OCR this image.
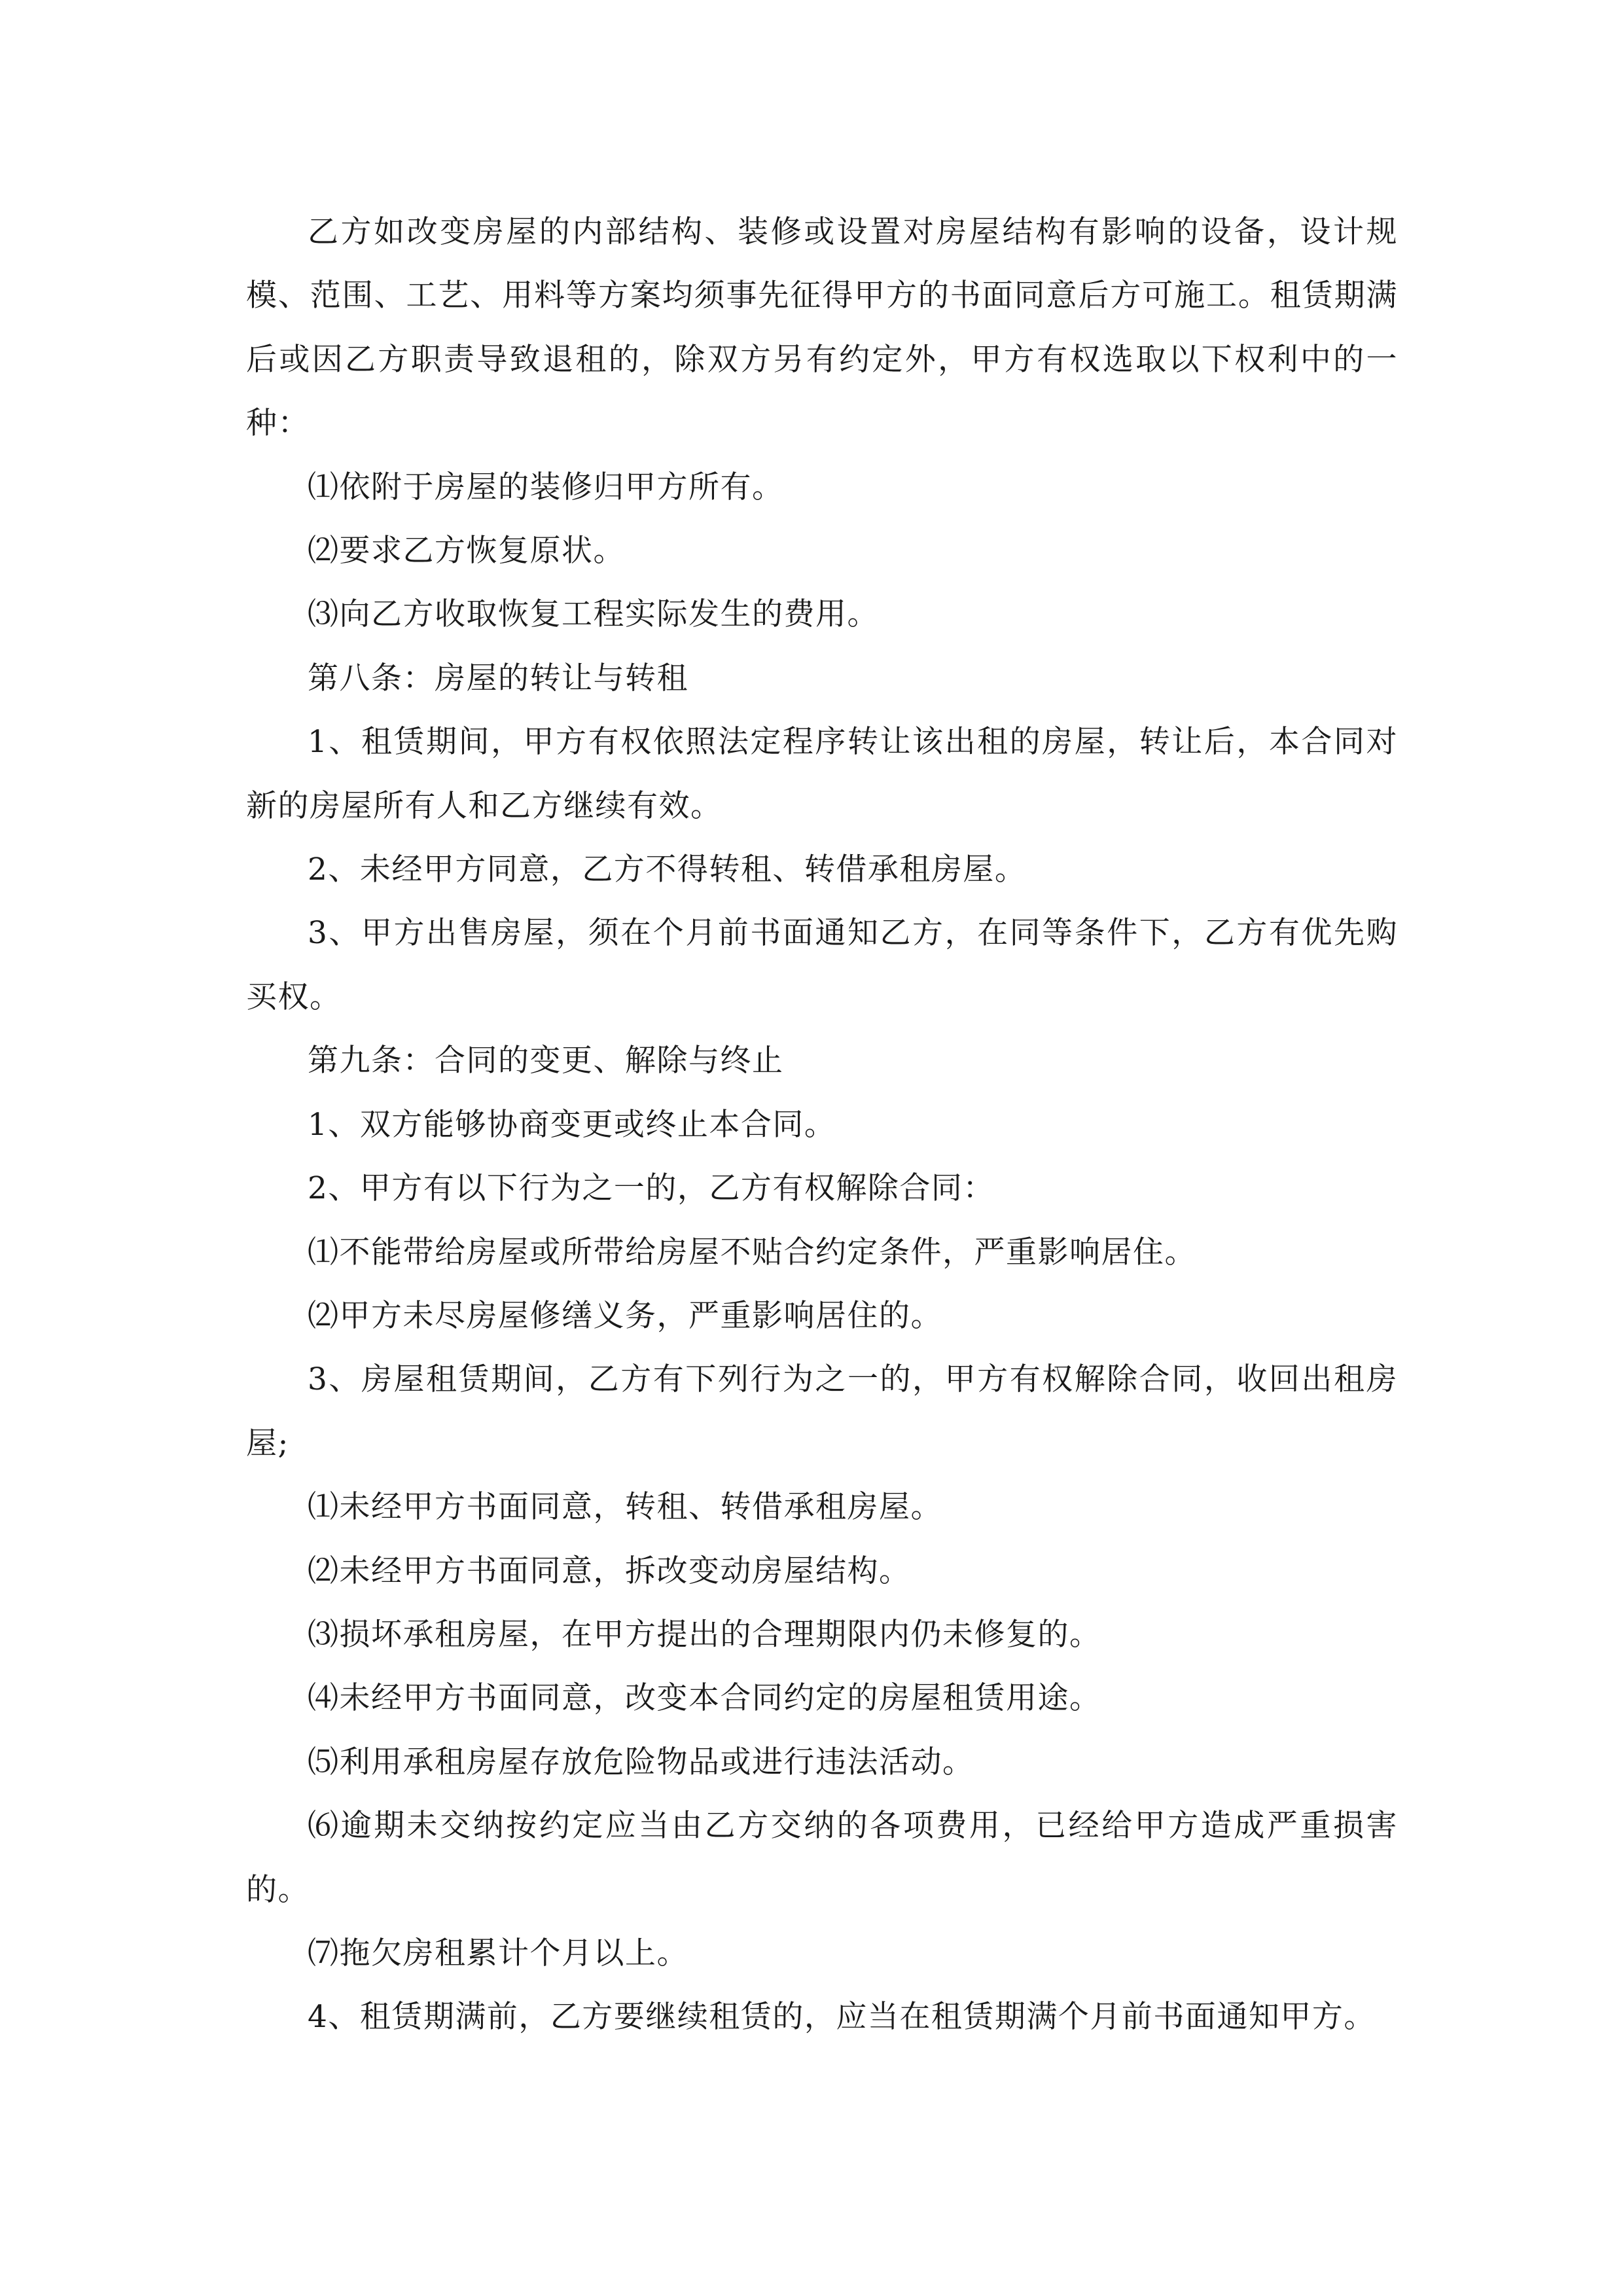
乙方如改变房屋的内部结构、装修或设置对房屋结构有影响的设备，设计规模、范围、工艺、用料等方案均须事先征得甲方的书面同意后方可施工。租赁期满后或因乙方职责导致退租的，除双方另有约定外，甲方有权选取以下权利中的一种：

⑴依附于房屋的装修归甲方所有。

⑵要求乙方恢复原状。

⑶向乙方收取恢复工程实际发生的费用。

第八条：房屋的转让与转租

1、租赁期间，甲方有权依照法定程序转让该出租的房屋，转让后，本合同对新的房屋所有人和乙方继续有效。

2、未经甲方同意，乙方不得转租、转借承租房屋。

3、甲方出售房屋，须在个月前书面通知乙方，在同等条件下，乙方有优先购买权。

第九条：合同的变更、解除与终止

1、双方能够协商变更或终止本合同。

2、甲方有以下行为之一的，乙方有权解除合同：

⑴不能带给房屋或所带给房屋不贴合约定条件，严重影响居住。

⑵甲方未尽房屋修缮义务，严重影响居住的。

3、房屋租赁期间，乙方有下列行为之一的，甲方有权解除合同，收回出租房屋;

⑴未经甲方书面同意，转租、转借承租房屋。

⑵未经甲方书面同意，拆改变动房屋结构。

⑶损坏承租房屋，在甲方提出的合理期限内仍未修复的。

⑷未经甲方书面同意，改变本合同约定的房屋租赁用途。

⑸利用承租房屋存放危险物品或进行违法活动。

⑹逾期未交纳按约定应当由乙方交纳的各项费用，已经给甲方造成严重损害的。

⑺拖欠房租累计个月以上。

4、租赁期满前，乙方要继续租赁的，应当在租赁期满个月前书面通知甲方。
